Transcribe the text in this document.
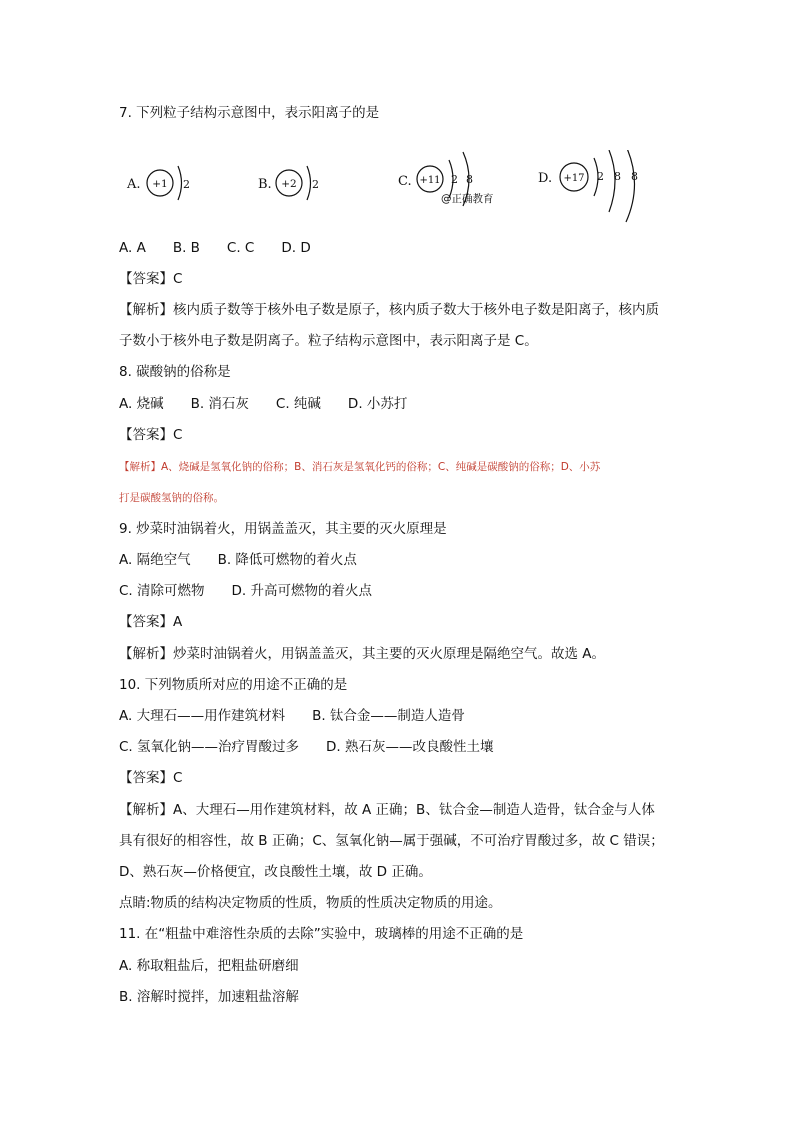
7. 下列粒子结构示意图中，表示阳离子的是
A. +1 2	B. +2 2	C. +11 2 8
@正确教育
D. +17 2 8 8
A. A　　B. B　　C. C　　D. D
【答案】C
【解析】核内质子数等于核外电子数是原子，核内质子数大于核外电子数是阳离子，核内质
子数小于核外电子数是阴离子。粒子结构示意图中，表示阳离子是 C。
8. 碳酸钠的俗称是
A. 烧碱　　B. 消石灰　　C. 纯碱　　D. 小苏打
【答案】C
【解析】A、烧碱是氢氧化钠的俗称；B、消石灰是氢氧化钙的俗称；C、纯碱是碳酸钠的俗称；D、小苏
打是碳酸氢钠的俗称。
9. 炒菜时油锅着火，用锅盖盖灭，其主要的灭火原理是
A. 隔绝空气　　B. 降低可燃物的着火点
C. 清除可燃物　　D. 升高可燃物的着火点
【答案】A
【解析】炒菜时油锅着火，用锅盖盖灭，其主要的灭火原理是隔绝空气。故选 A。
10. 下列物质所对应的用途不正确的是
A. 大理石——用作建筑材料　　B. 钛合金——制造人造骨
C. 氢氧化钠——治疗胃酸过多　　D. 熟石灰——改良酸性土壤
【答案】C
【解析】A、大理石—用作建筑材料，故 A 正确；B、钛合金—制造人造骨，钛合金与人体
具有很好的相容性，故 B 正确；C、氢氧化钠—属于强碱，不可治疗胃酸过多，故 C 错误；
D、熟石灰—价格便宜，改良酸性土壤，故 D 正确。
点睛:物质的结构决定物质的性质，物质的性质决定物质的用途。
11. 在“粗盐中难溶性杂质的去除”实验中，玻璃棒的用途不正确的是
A. 称取粗盐后，把粗盐研磨细
B. 溶解时搅拌，加速粗盐溶解
